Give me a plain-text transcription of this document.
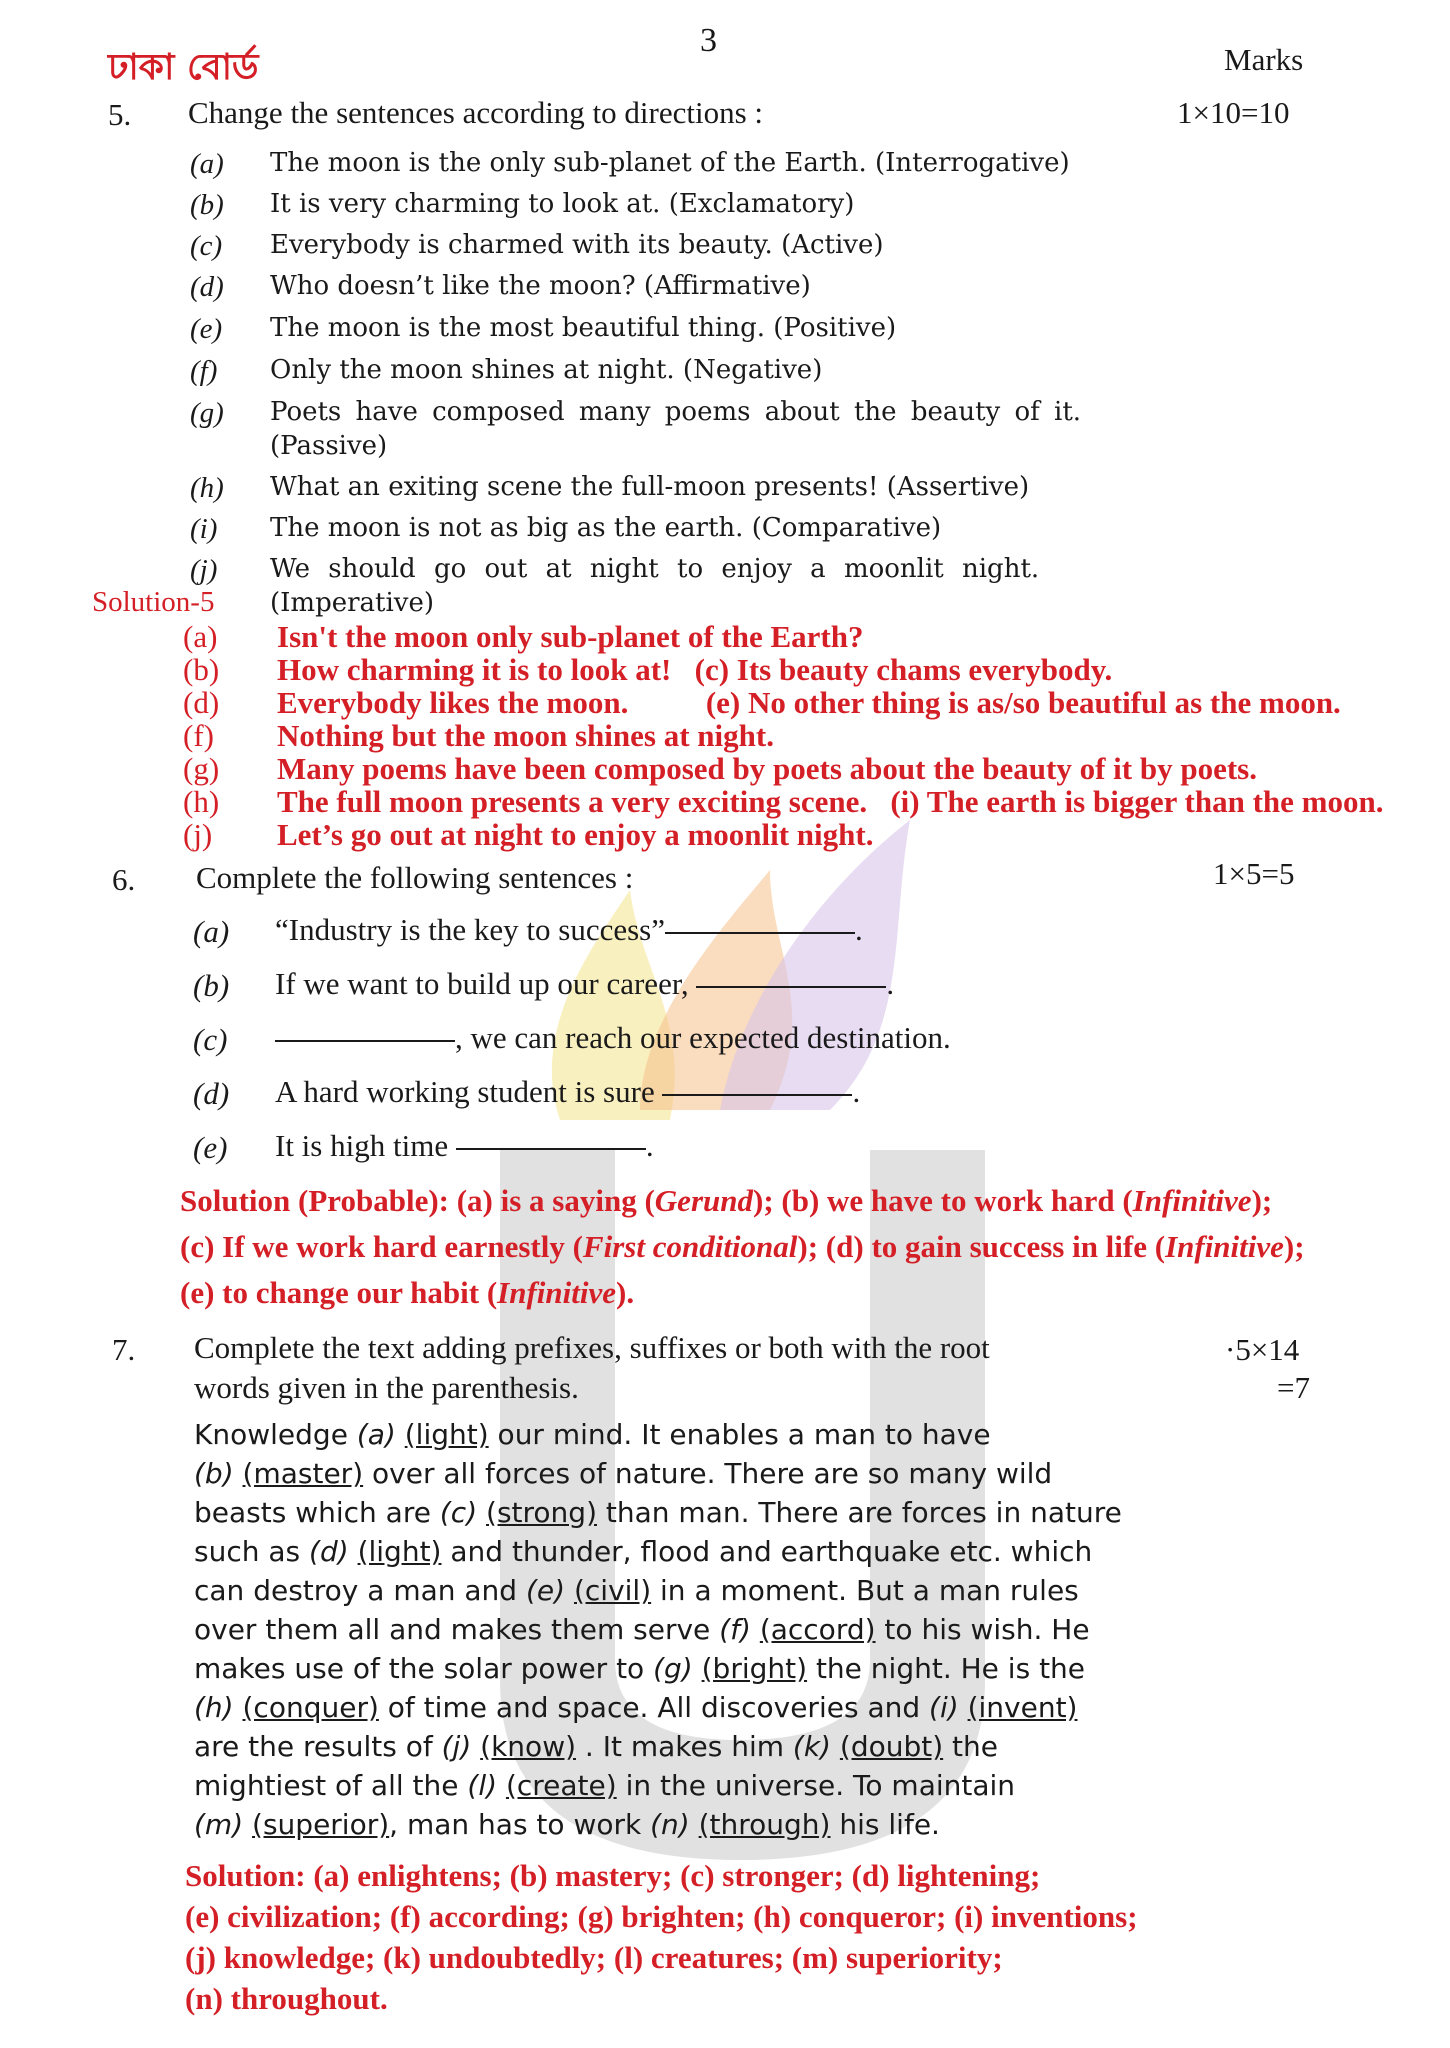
ঢাকা বোর্ড
3
Marks
5. Change the sentences according to directions :	1×10=10
(a) The moon is the only sub-planet of the Earth. (Interrogative)
(b) It is very charming to look at. (Exclamatory)
(c) Everybody is charmed with its beauty. (Active)
(d) Who doesn’t like the moon? (Affirmative)
(e) The moon is the most beautiful thing. (Positive)
(f) Only the moon shines at night. (Negative)
(g) Poets have composed many poems about the beauty of it.
(Passive)
(h) What an exiting scene the full-moon presents! (Assertive)
(i) The moon is not as big as the earth. (Comparative)
(j) We should go out at night to enjoy a moonlit night.
(Imperative)
Solution-5
(a) Isn't the moon only sub-planet of the Earth?
(b) How charming it is to look at!   (c) Its beauty chams everybody.
(d) Everybody likes the moon.          (e) No other thing is as/so beautiful as the moon.
(f) Nothing but the moon shines at night.
(g) Many poems have been composed by poets about the beauty of it by poets.
(h) The full moon presents a very exciting scene.   (i) The earth is bigger than the moon.
(j) Let’s go out at night to enjoy a moonlit night.
6. Complete the following sentences :	1×5=5
(a) “Industry is the key to success”	.
(b) If we want to build up our career,	.
(c)	, we can reach our expected destination.
(d) A hard working student is sure	.
(e) It is high time	.
Solution (Probable): (a) is a saying (Gerund); (b) we have to work hard (Infinitive);
(c) If we work hard earnestly (First conditional); (d) to gain success in life (Infinitive);
(e) to change our habit (Infinitive).
7. Complete the text adding prefixes, suffixes or both with the root
words given in the parenthesis.
·5×14
=7
Knowledge (a) (light) our mind. It enables a man to have
(b) (master) over all forces of nature. There are so many wild
beasts which are (c) (strong) than man. There are forces in nature
such as (d) (light) and thunder, flood and earthquake etc. which
can destroy a man and (e) (civil) in a moment. But a man rules
over them all and makes them serve (f) (accord) to his wish. He
makes use of the solar power to (g) (bright) the night. He is the
(h) (conquer) of time and space. All discoveries and (i) (invent)
are the results of (j) (know) . It makes him (k) (doubt) the
mightiest of all the (l) (create) in the universe. To maintain
(m) (superior), man has to work (n) (through) his life.
Solution: (a) enlightens; (b) mastery; (c) stronger; (d) lightening;
(e) civilization; (f) according; (g) brighten; (h) conqueror; (i) inventions;
(j) knowledge; (k) undoubtedly; (l) creatures; (m) superiority;
(n) throughout.
